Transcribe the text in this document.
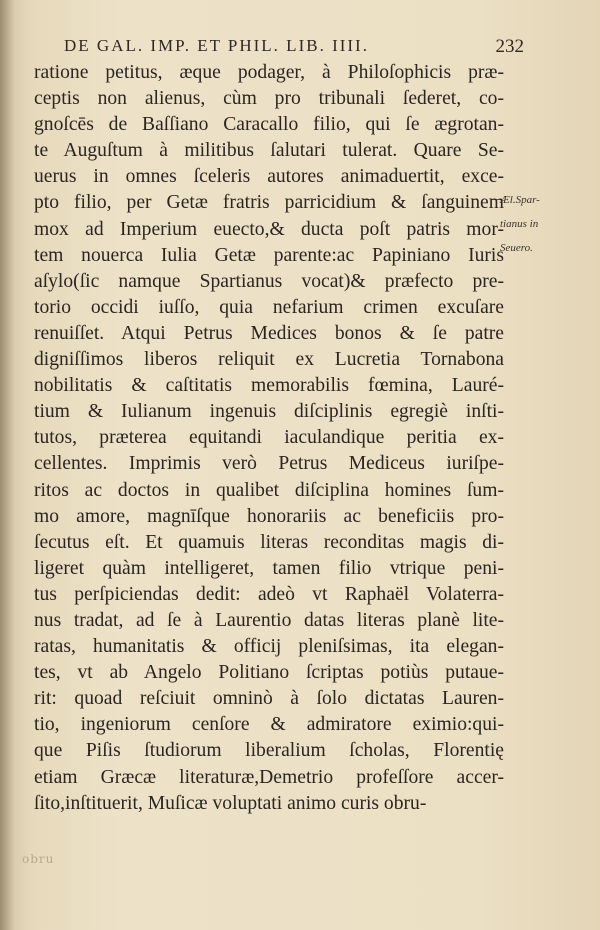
DE GAL. IMP. ET PHIL. LIB. IIII.	232
ratione petitus, æque podager, à Philoſophicis præ-
ceptis non alienus, cùm pro tribunali ſederet, co-
gnoſcēs de Baſſiano Caracallo filio, qui ſe ægrotan-
te Auguſtum à militibus ſalutari tulerat. Quare Se-
uerus in omnes ſceleris autores animaduertit, exce-
pto filio, per Getæ fratris parricidium & ſanguinem
mox ad Imperium euecto,& ducta poſt patris mor-
tem nouerca Iulia Getæ parente:ac Papiniano Iuris
aſylo(ſic namque Spartianus vocat)& præfecto pre-
torio occidi iuſſo, quia nefarium crimen excuſare
renuiſſet. Atqui Petrus Medices bonos & ſe patre
digniſſimos liberos reliquit ex Lucretia Tornabona
nobilitatis & caſtitatis memorabilis fœmina, Lauré-
tium & Iulianum ingenuis diſciplinis egregiè inſti-
tutos, præterea equitandi iaculandique peritia ex-
cellentes. Imprimis verò Petrus Mediceus iuriſpe-
ritos ac doctos in qualibet diſciplina homines ſum-
mo amore, magnīſque honorariis ac beneficiis pro-
ſecutus eſt. Et quamuis literas reconditas magis di-
ligeret quàm intelligeret, tamen filio vtrique peni-
tus perſpiciendas dedit: adeò vt Raphaël Volaterra-
nus tradat, ad ſe à Laurentio datas literas planè lite-
ratas, humanitatis & officij pleniſsimas, ita elegan-
tes, vt ab Angelo Politiano ſcriptas potiùs putaue-
rit: quoad reſciuit omninò à ſolo dictatas Lauren-
tio, ingeniorum cenſore & admiratore eximio:qui-
que Piſis ſtudiorum liberalium ſcholas, Florentię
etiam Græcæ literaturæ,Demetrio profeſſore accer-
ſito,inſtituerit, Muſicæ voluptati animo curis obru-
Æl.Spar-
tianus in
Seuero.
obru
